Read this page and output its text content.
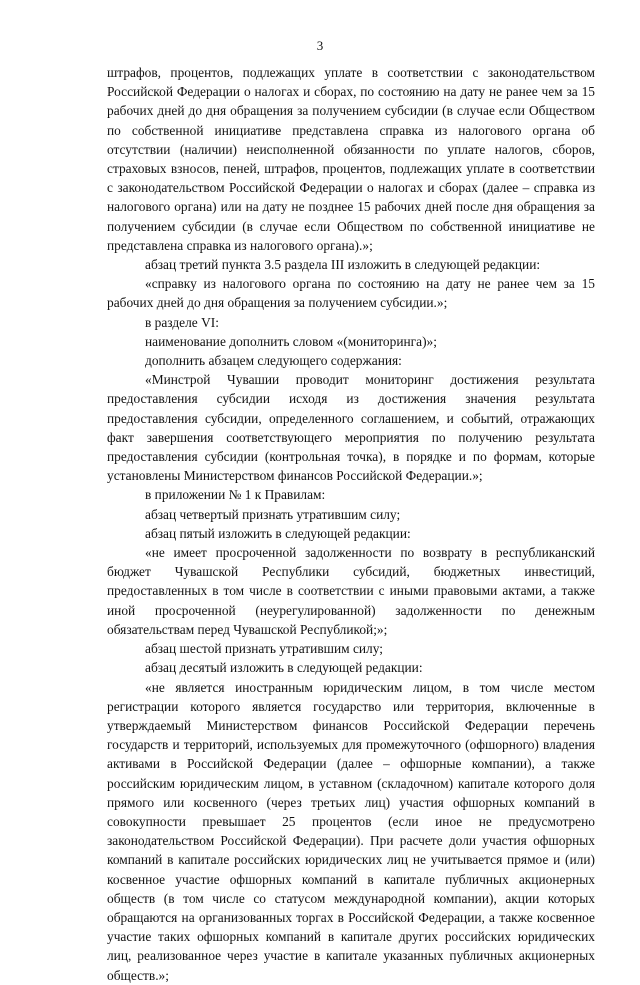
3

штрафов, процентов, подлежащих уплате в соответствии с законодательством Российской Федерации о налогах и сборах, по состоянию на дату не ранее чем за 15 рабочих дней до дня обращения за получением субсидии (в случае если Обществом по собственной инициативе представлена справка из налогового органа об отсутствии (наличии) неисполненной обязанности по уплате налогов, сборов, страховых взносов, пеней, штрафов, процентов, подлежащих уплате в соответствии с законодательством Российской Федерации о налогах и сборах (далее – справка из налогового органа) или на дату не позднее 15 рабочих дней после дня обращения за получением субсидии (в случае если Обществом по собственной инициативе не представлена справка из налогового органа).»;

абзац третий пункта 3.5 раздела III изложить в следующей редакции:

«справку из налогового органа по состоянию на дату не ранее чем за 15 рабочих дней до дня обращения за получением субсидии.»;

в разделе VI:

наименование дополнить словом «(мониторинга)»;

дополнить абзацем следующего содержания:

«Минстрой Чувашии проводит мониторинг достижения результата предоставления субсидии исходя из достижения значения результата предоставления субсидии, определенного соглашением, и событий, отражающих факт завершения соответствующего мероприятия по получению результата предоставления субсидии (контрольная точка), в порядке и по формам, которые установлены Министерством финансов Российской Федерации.»;

в приложении № 1 к Правилам:

абзац четвертый признать утратившим силу;

абзац пятый изложить в следующей редакции:

«не имеет просроченной задолженности по возврату в республиканский бюджет Чувашской Республики субсидий, бюджетных инвестиций, предоставленных в том числе в соответствии с иными правовыми актами, а также иной просроченной (неурегулированной) задолженности по денежным обязательствам перед Чувашской Республикой;»;

абзац шестой признать утратившим силу;

абзац десятый изложить в следующей редакции:

«не является иностранным юридическим лицом, в том числе местом регистрации которого является государство или территория, включенные в утверждаемый Министерством финансов Российской Федерации перечень государств и территорий, используемых для промежуточного (офшорного) владения активами в Российской Федерации (далее – офшорные компании), а также российским юридическим лицом, в уставном (складочном) капитале которого доля прямого или косвенного (через третьих лиц) участия офшорных компаний в совокупности превышает 25 процентов (если иное не предусмотрено законодательством Российской Федерации). При расчете доли участия офшорных компаний в капитале российских юридических лиц не учитывается прямое и (или) косвенное участие офшорных компаний в капитале публичных акционерных обществ (в том числе со статусом международной компании), акции которых обращаются на организованных торгах в Российской Федерации, а также косвенное участие таких офшорных компаний в капитале других российских юридических лиц, реализованное через участие в капитале указанных публичных акционерных обществ.»;
